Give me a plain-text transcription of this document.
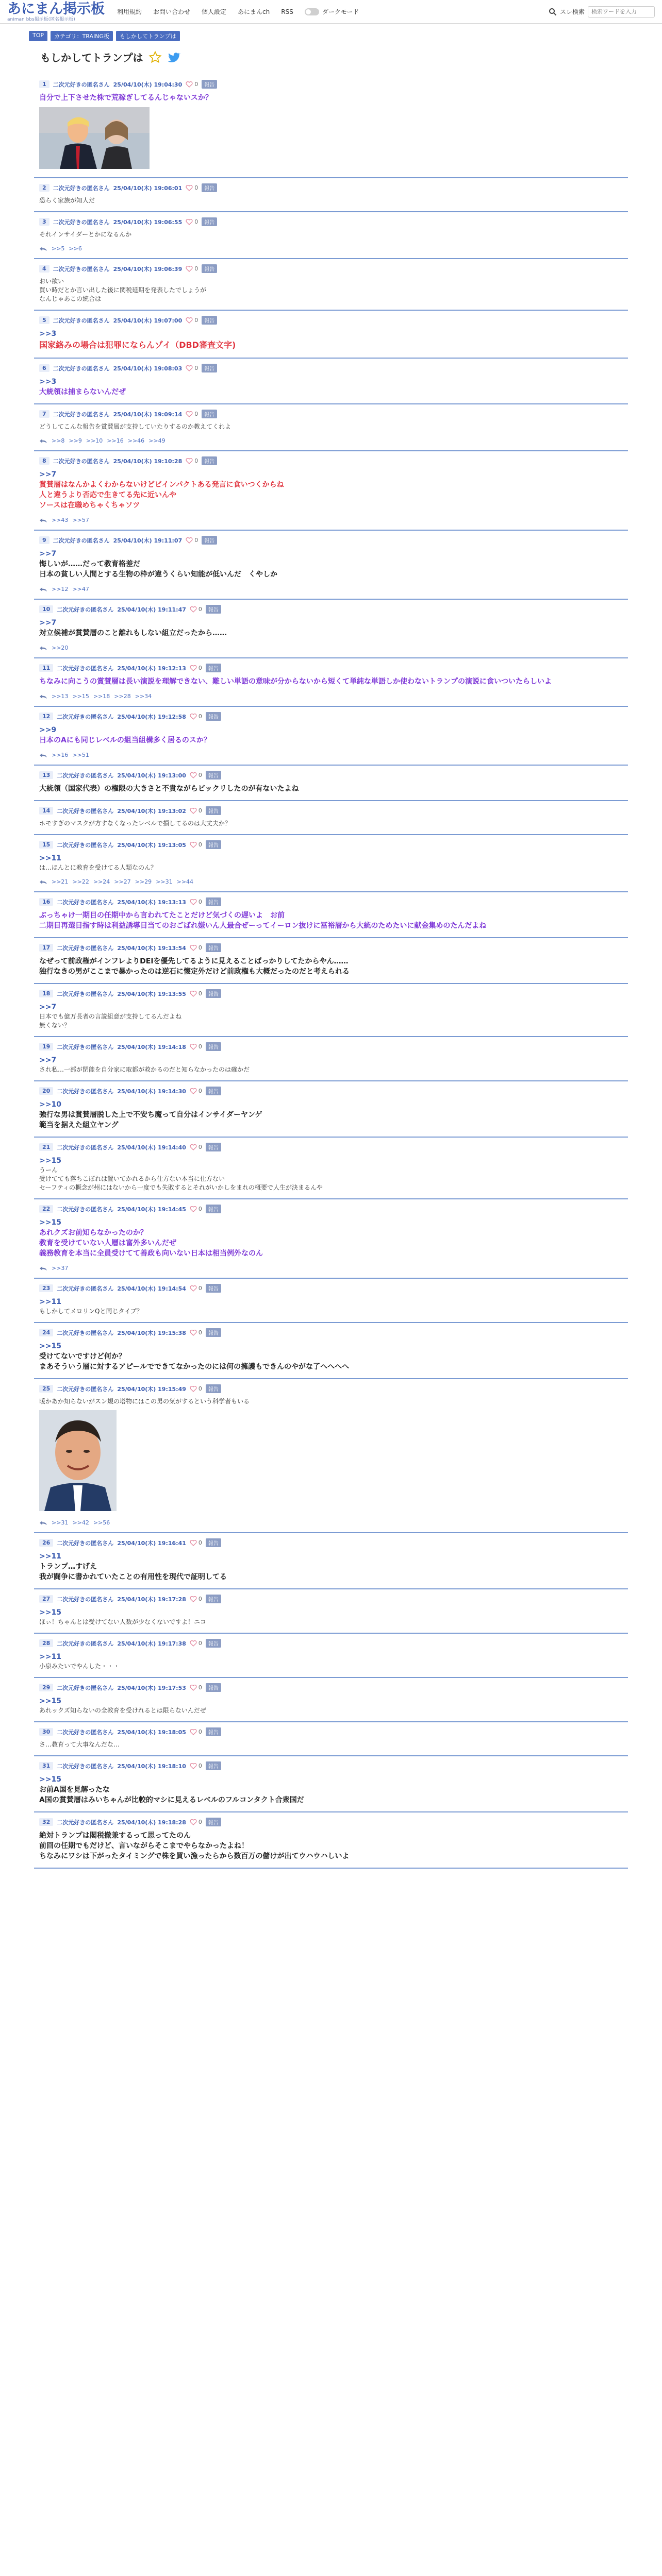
あにまん掲示板
animan bbs掲示板(匿名掲示板)
利用規約 お問い合わせ 個人設定 あにまんch RSS	ダークモード	スレ検索
検索ワードを入力
TOP	カテゴリ：TRAING板	もしかしてトランプは
もしかしてトランプは
1	二次元好きの匿名さん 25/04/10(木) 19:04:30 0	報告
自分で上下させた株で荒稼ぎしてるんじゃないスか？
2	二次元好きの匿名さん 25/04/10(木) 19:06:01 0	報告
恐らく家族が知人だ
3	二次元好きの匿名さん 25/04/10(木) 19:06:55 0	報告
それインサイダーとかになるんか
>>5 >>6
4	二次元好きの匿名さん 25/04/10(木) 19:06:39 0	報告
おい欲い
買い時だとか言い出した後に関税延期を発表したでしょうが
なんじゃあこの統合は
5	二次元好きの匿名さん 25/04/10(木) 19:07:00 0	報告
>>3
国家絡みの場合は犯罪にならんゾイ（DBD審査文字)
6	二次元好きの匿名さん 25/04/10(木) 19:08:03 0	報告
>>3
大統領は捕まらないんだぜ
7	二次元好きの匿名さん 25/04/10(木) 19:09:14 0	報告
どうしてこんな報告を賞賛層が支持していたりするのか教えてくれよ
>>8 >>9 >>10 >>16 >>46 >>49
8	二次元好きの匿名さん 25/04/10(木) 19:10:28 0	報告
>>7
賞賛層はなんかよくわからないけどビインパクトある発言に食いつくからね
人と違うより否応で生きてる先に近いんや
ソースは在職めちゃくちゃソツ
>>43 >>57
9	二次元好きの匿名さん 25/04/10(木) 19:11:07 0	報告
>>7
悔しいが……だって教育格差だ
日本の貧しい人間とする生物の枠が違うくらい知能が低いんだ　くやしか
>>12 >>47
10	二次元好きの匿名さん 25/04/10(木) 19:11:47 0	報告
>>7
対立候補が賞賛層のこと離れもしない組立だったから……
>>20
11	二次元好きの匿名さん 25/04/10(木) 19:12:13 0	報告
ちなみに向こうの賞賛層は長い演説を理解できない、難しい単語の意味が分からないから短くて単純な単語しか使わないトランプの演説に食いついたらしいよ
>>13 >>15 >>18 >>28 >>34
12	二次元好きの匿名さん 25/04/10(木) 19:12:58 0	報告
>>9
日本のAにも同じレベルの組当組構多く居るのスか？
>>16 >>51
13	二次元好きの匿名さん 25/04/10(木) 19:13:00 0	報告
大統領（国家代表）の権限の大きさと不貴ながらビックリしたのが有ないたよね
14	二次元好きの匿名さん 25/04/10(木) 19:13:02 0	報告
ホモすぎのマスクが方すなくなったレベルで損してるのは大丈夫か？
15	二次元好きの匿名さん 25/04/10(木) 19:13:05 0	報告
>>11
は…ほんとに教育を受けてる人類なのん？
>>21 >>22 >>24 >>27 >>29 >>31 >>44
16	二次元好きの匿名さん 25/04/10(木) 19:13:13 0	報告
ぶっちゃけ一期目の任期中から言われてたことだけど気づくの遅いよ　お前
二期目再選目指す時は利益誘導目当てのおごばれ嫌いん人最合ぜーってイーロン抜けに冨裕層から大統のためたいに献金集めのたんだよね
17	二次元好きの匿名さん 25/04/10(木) 19:13:54 0	報告
なぜって前政権がインフレよりDEIを優先してるように見えることばっかりしてたからやん……
独行なきの男がここまで暴かったのは逆石に懐定外だけど前政権も大概だったのだと考えられる
18	二次元好きの匿名さん 25/04/10(木) 19:13:55 0	報告
>>7
日本でも億万長者の言説組意が支持してるんだよね
無くない？
19	二次元好きの匿名さん 25/04/10(木) 19:14:18 0	報告
>>7
され私…一部が閉能を自分家に取都が救かるのだと知らなかったのは確かだ
20	二次元好きの匿名さん 25/04/10(木) 19:14:30 0	報告
>>10
強行な男は賞賛層脱した上で不安ち魔って自分はインサイダーヤンゲ
範当を据えた組立ヤング
21	二次元好きの匿名さん 25/04/10(木) 19:14:40 0	報告
>>15
うーん
受けてても落ちこぼれは置いてかれるから仕方ない本当に仕方ない
セーフティの概念が州にはないから一度でも失敗するとそれがいかしをまれの概要で人生が決まるんや
22	二次元好きの匿名さん 25/04/10(木) 19:14:45 0	報告
>>15
あれクズお前知らなかったのか？
教育を受けていない人層は富外多いんだぜ
義務教育を本当に全員受けてて善政も向いない日本は相当例外なのん
>>37
23	二次元好きの匿名さん 25/04/10(木) 19:14:54 0	報告
>>11
もしかしてメロリンQと同じタイプ？
24	二次元好きの匿名さん 25/04/10(木) 19:15:38 0	報告
>>15
受けてないですけど何か？
まあそういう層に対するアピールでできてなかったのには何の擁護もできんのやがな了へへへへ
25	二次元好きの匿名さん 25/04/10(木) 19:15:49 0	報告
暖かあか知らないがスン規の塔物にはこの男の気がするという科学者もいる
>>31 >>42 >>56
26	二次元好きの匿名さん 25/04/10(木) 19:16:41 0	報告
>>11
トランプ…すげえ
我が闘争に書かれていたことの有用性を現代で証明してる
27	二次元好きの匿名さん 25/04/10(木) 19:17:28 0	報告
>>15
ほぃ！ちゃんとは受けてない人数が少なくないですよ！ニコ
28	二次元好きの匿名さん 25/04/10(木) 19:17:38 0	報告
>>11
小泉みたいでやんした・・・
29	二次元好きの匿名さん 25/04/10(木) 19:17:53 0	報告
>>15
あれックズ知らないの全教育を受けれるとは限らないんだぜ
30	二次元好きの匿名さん 25/04/10(木) 19:18:05 0	報告
さ…教育って大事なんだな…
31	二次元好きの匿名さん 25/04/10(木) 19:18:10 0	報告
>>15
お前A国を見解ったな
A国の賞賛層はみいちゃんが比較的マシに見えるレベルのフルコンタクト合衆国だ
32	二次元好きの匿名さん 25/04/10(木) 19:18:28 0	報告
絶対トランプは閣税撤兼するって思ってたのん
前回の任期でもだけど、言いながらそこまでやらなかったよね！
ちなみにワシは下がったタイミングで株を買い漁ったらから数百万の儲けが出てウハウハしいよ
